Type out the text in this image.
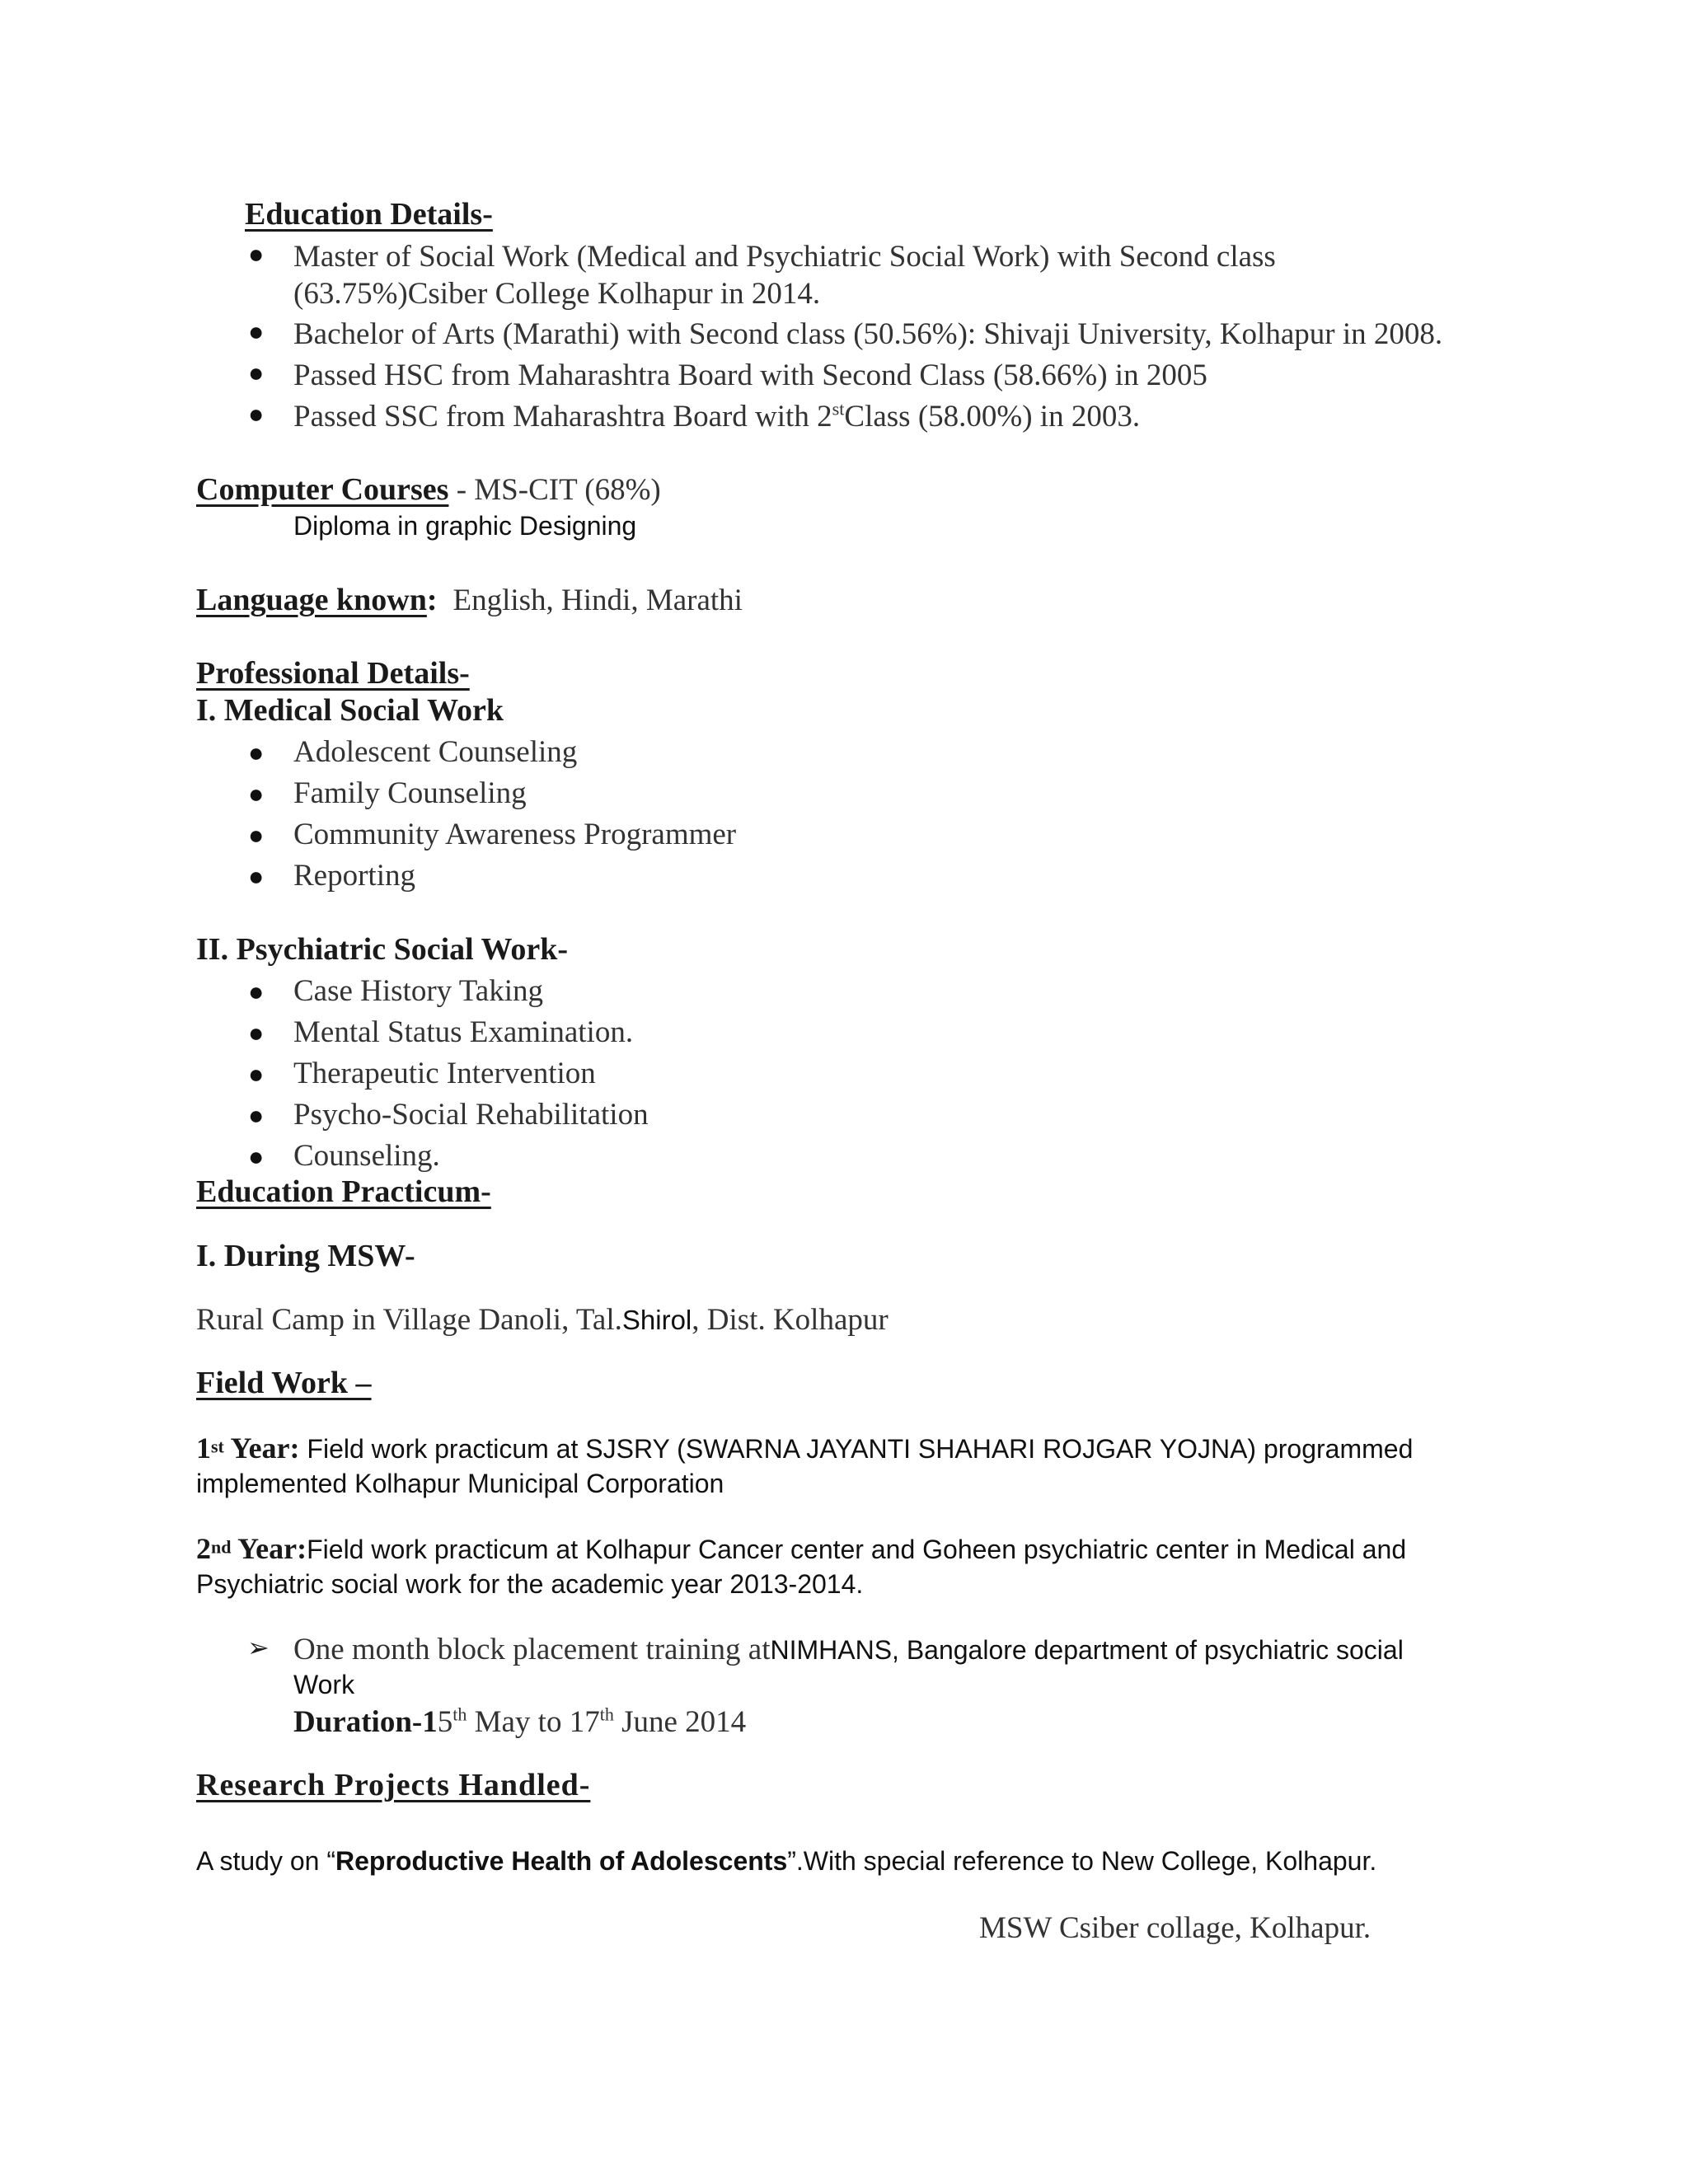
Education Details-
● Master of Social Work (Medical and Psychiatric Social Work) with Second class
(63.75%)Csiber College Kolhapur in 2014.
● Bachelor of Arts (Marathi) with Second class (50.56%): Shivaji University, Kolhapur in 2008.
● Passed HSC from Maharashtra Board with Second Class (58.66%) in 2005
● Passed SSC from Maharashtra Board with 2stClass (58.00%) in 2003.
Computer Courses - MS-CIT (68%)
Diploma in graphic Designing
Language known: English, Hindi, Marathi
Professional Details-
I. Medical Social Work
● Adolescent Counseling
● Family Counseling
● Community Awareness Programmer
● Reporting
II. Psychiatric Social Work-
● Case History Taking
● Mental Status Examination.
● Therapeutic Intervention
● Psycho-Social Rehabilitation
● Counseling.
Education Practicum-
I. During MSW-
Rural Camp in Village Danoli, Tal.Shirol, Dist. Kolhapur
Field Work –
1st Year: Field work practicum at SJSRY (SWARNA JAYANTI SHAHARI ROJGAR YOJNA) programmed
implemented Kolhapur Municipal Corporation
2nd Year:Field work practicum at Kolhapur Cancer center and Goheen psychiatric center in Medical and
Psychiatric social work for the academic year 2013-2014.
➢ One month block placement training atNIMHANS, Bangalore department of psychiatric social
Work
Duration-15th May to 17th June 2014
Research Projects Handled-
A study on “Reproductive Health of Adolescents”.With special reference to New College, Kolhapur.
MSW Csiber collage, Kolhapur.
